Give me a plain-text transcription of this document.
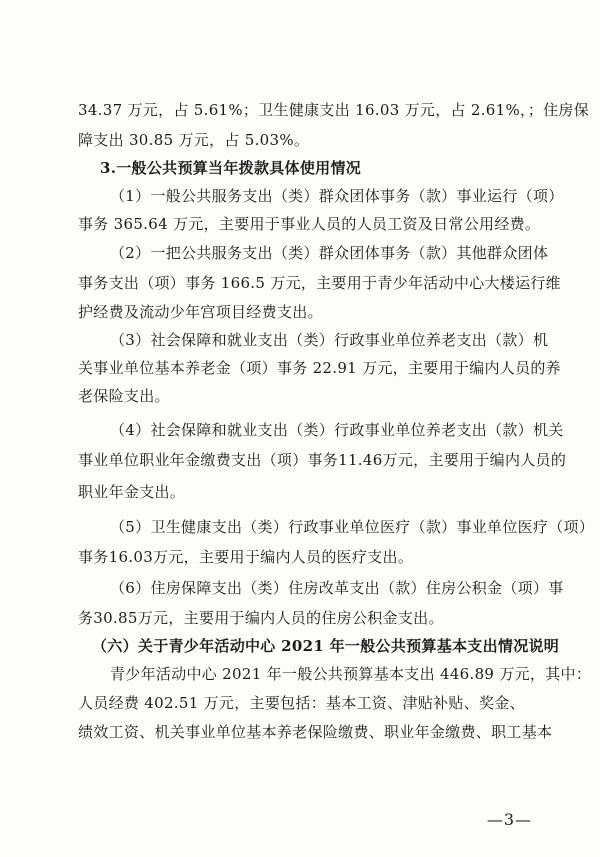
34.37 万元，占 5.61%；卫生健康支出 16.03 万元，占 2.61%，；住房保
障支出 30.85 万元，占 5.03%。
3.一般公共预算当年拨款具体使用情况
（1）一般公共服务支出（类）群众团体事务（款）事业运行（项）
事务 365.64 万元，主要用于事业人员的人员工资及日常公用经费。
（2）一把公共服务支出（类）群众团体事务（款）其他群众团体
事务支出（项）事务 166.5 万元，主要用于青少年活动中心大楼运行维
护经费及流动少年宫项目经费支出。
（3）社会保障和就业支出（类）行政事业单位养老支出（款）机
关事业单位基本养老金（项）事务 22.91 万元，主要用于编内人员的养
老保险支出。
（4）社会保障和就业支出（类）行政事业单位养老支出（款）机关
事业单位职业年金缴费支出（项）事务11.46万元，主要用于编内人员的
职业年金支出。
（5）卫生健康支出（类）行政事业单位医疗（款）事业单位医疗（项）
事务16.03万元，主要用于编内人员的医疗支出。
（6）住房保障支出（类）住房改革支出（款）住房公积金（项）事
务30.85万元，主要用于编内人员的住房公积金支出。
（六）关于青少年活动中心 2021 年一般公共预算基本支出情况说明
青少年活动中心 2021 年一般公共预算基本支出 446.89 万元，其中：
人员经费 402.51 万元，主要包括：基本工资、津贴补贴、奖金、
绩效工资、机关事业单位基本养老保险缴费、职业年金缴费、职工基本
—3—
